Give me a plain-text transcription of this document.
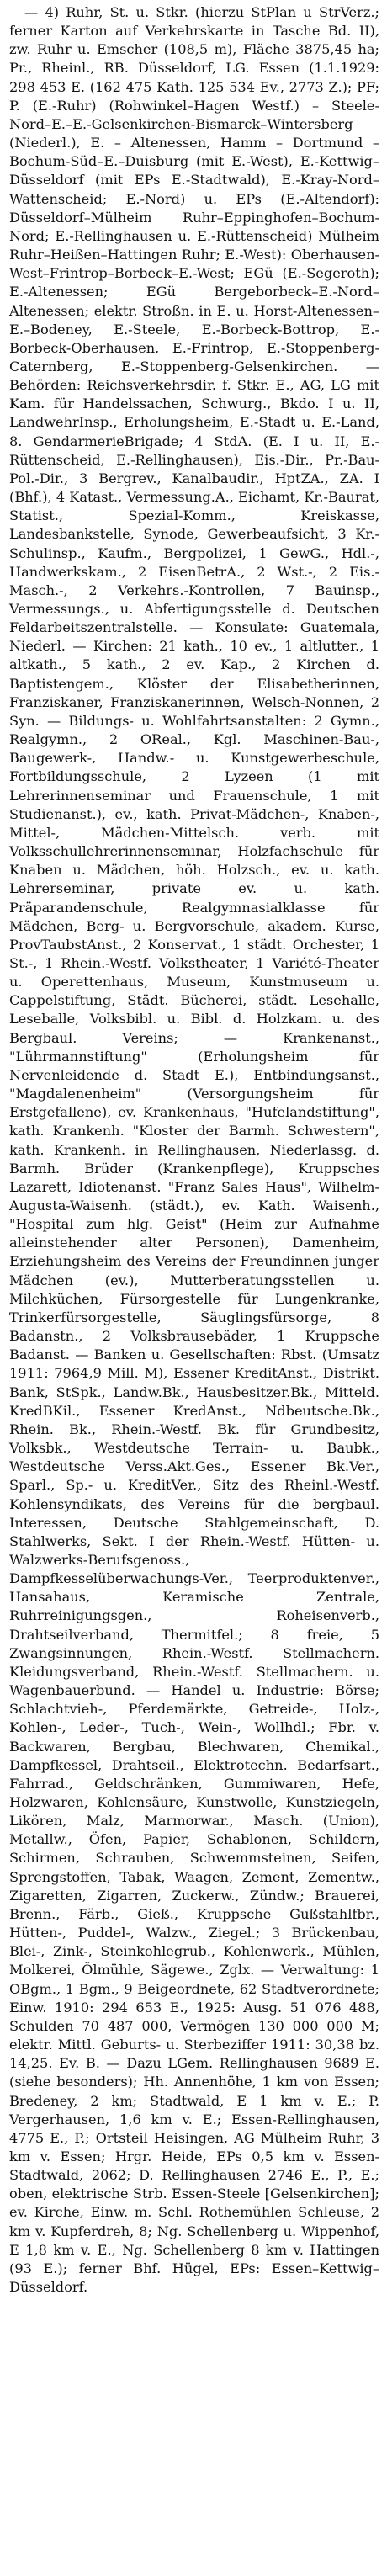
— 4) Ruhr, St. u. Stkr. (hierzu StPlan u StrVerz.; ferner Karton auf Verkehrskarte in Tasche Bd. II), zw. Ruhr u. Emscher (108,5 m), Fläche 3875,45 ha; Pr., Rheinl., RB. Düsseldorf, LG. Essen (1.1.1929: 298 453 E. (162 475 Kath. 125 534 Ev., 2773 Z.); PF; P. (E.-Ruhr) (Rohwinkel–Hagen Westf.) – Steele-Nord–E.–E.-Gelsenkirchen-Bismarck–Wintersberg (Niederl.), E. – Altenessen, Hamm – Dortmund – Bochum-Süd–E.–Duisburg (mit E.-West), E.-Kettwig–Düsseldorf (mit EPs E.-Stadtwald), E.-Kray-Nord–Wattenscheid; E.-Nord) u. EPs (E.-Altendorf): Düsseldorf–Mülheim Ruhr–Eppinghofen–Bochum-Nord; E.-Rellinghausen u. E.-Rüttenscheid) Mülheim Ruhr–Heißen–Hattingen Ruhr; E.-West): Oberhausen-West–Frintrop–Borbeck–E.-West; EGü (E.-Segeroth); E.-Altenessen; EGü Bergeborbeck–E.-Nord–Altenessen; elektr. Stroßn. in E. u. Horst-Altenessen–E.–Bodeney, E.-Steele, E.-Borbeck-Bottrop, E.-Borbeck-Oberhausen, E.-Frintrop, E.-Stoppenberg-Caternberg, E.-Stoppenberg-Gelsenkirchen. — Behörden: Reichsverkehrsdir. f. Stkr. E., AG, LG mit Kam. für Handelssachen, Schwurg., Bkdo. I u. II, LandwehrInsp., Erholungsheim, E.-Stadt u. E.-Land, 8. GendarmerieBrigade; 4 StdA. (E. I u. II, E.-Rüttenscheid, E.-Rellinghausen), Eis.-Dir., Pr.-Bau-Pol.-Dir., 3 Bergrev., Kanalbaudir., HptZA., ZA. I (Bhf.), 4 Katast., Vermessung.A., Eichamt, Kr.-Baurat, Statist., Spezial-Komm., Kreiskasse, Landesbankstelle, Synode, Gewerbeaufsicht, 3 Kr.-Schulinsp., Kaufm., Bergpolizei, 1 GewG., Hdl.-, Handwerkskam., 2 EisenBetrA., 2 Wst.-, 2 Eis.-Masch.-, 2 Verkehrs.-Kontrollen, 7 Bauinsp., Vermessungs., u. Abfertigungsstelle d. Deutschen Feldarbeitszentralstelle. — Konsulate: Guatemala, Niederl. — Kirchen: 21 kath., 10 ev., 1 altlutter., 1 altkath., 5 kath., 2 ev. Kap., 2 Kirchen d. Baptistengem., Klöster der Elisabetherinnen, Franziskaner, Franziskanerinnen, Welsch-Nonnen, 2 Syn. — Bildungs- u. Wohlfahrtsanstalten: 2 Gymn., Realgymn., 2 OReal., Kgl. Maschinen-Bau-, Baugewerk-, Handw.- u. Kunstgewerbeschule, Fortbildungsschule, 2 Lyzeen (1 mit Lehrerinnenseminar und Frauenschule, 1 mit Studienanst.), ev., kath. Privat-Mädchen-, Knaben-, Mittel-, Mädchen-Mittelsch. verb. mit Volksschullehrerinnenseminar, Holzfachschule für Knaben u. Mädchen, höh. Holzsch., ev. u. kath. Lehrerseminar, private ev. u. kath. Präparandenschule, Realgymnasialklasse für Mädchen, Berg- u. Bergvorschule, akadem. Kurse, ProvTaubstAnst., 2 Konservat., 1 städt. Orchester, 1 St.-, 1 Rhein.-Westf. Volkstheater, 1 Variété-Theater u. Operettenhaus, Museum, Kunstmuseum u. Cappelstiftung, Städt. Bücherei, städt. Lesehalle, Leseballe, Volksbibl. u. Bibl. d. Holzkam. u. des Bergbaul. Vereins; — Krankenanst., "Lührmannstiftung" (Erholungsheim für Nervenleidende d. Stadt E.), Entbindungsanst., "Magdalenenheim" (Versorgungsheim für Erstgefallene), ev. Krankenhaus, "Hufelandstiftung", kath. Krankenh. "Kloster der Barmh. Schwestern", kath. Krankenh. in Rellinghausen, Niederlassg. d. Barmh. Brüder (Krankenpflege), Kruppsches Lazarett, Idiotenanst. "Franz Sales Haus", Wilhelm-Augusta-Waisenh. (städt.), ev. Kath. Waisenh., "Hospital zum hlg. Geist" (Heim zur Aufnahme alleinstehender alter Personen), Damenheim, Erziehungsheim des Vereins der Freundinnen junger Mädchen (ev.), Mutterberatungsstellen u. Milchküchen, Fürsorgestelle für Lungenkranke, Trinkerfürsorgestelle, Säuglingsfürsorge, 8 Badanstn., 2 Volksbrausebäder, 1 Kruppsche Badanst. — Banken u. Gesellschaften: Rbst. (Umsatz 1911: 7964,9 Mill. M), Essener KreditAnst., Distrikt. Bank, StSpk., Landw.Bk., Hausbesitzer.Bk., Mitteld. KredBKil., Essener KredAnst., Ndbeutsche.Bk., Rhein. Bk., Rhein.-Westf. Bk. für Grundbesitz, Volksbk., Westdeutsche Terrain- u. Baubk., Westdeutsche Verss.Akt.Ges., Essener Bk.Ver., Sparl., Sp.- u. KreditVer., Sitz des Rheinl.-Westf. Kohlensyndikats, des Vereins für die bergbaul. Interessen, Deutsche Stahlgemeinschaft, D. Stahlwerks, Sekt. I der Rhein.-Westf. Hütten- u. Walzwerks-Berufsgenoss., Dampfkesselüberwachungs-Ver., Teerproduktenver., Hansahaus, Keramische Zentrale, Ruhrreinigungsgen., Roheisenverb., Drahtseilverband, Thermitfel.; 8 freie, 5 Zwangsinnungen, Rhein.-Westf. Stellmachern. Kleidungsverband, Rhein.-Westf. Stellmachern. u. Wagenbauerbund. — Handel u. Industrie: Börse; Schlachtvieh-, Pferdemärkte, Getreide-, Holz-, Kohlen-, Leder-, Tuch-, Wein-, Wollhdl.; Fbr. v. Backwaren, Bergbau, Blechwaren, Chemikal., Dampfkessel, Drahtseil., Elektrotechn. Bedarfsart., Fahrrad., Geldschränken, Gummiwaren, Hefe, Holzwaren, Kohlensäure, Kunstwolle, Kunstziegeln, Likören, Malz, Marmorwar., Masch. (Union), Metallw., Öfen, Papier, Schablonen, Schildern, Schirmen, Schrauben, Schwemmsteinen, Seifen, Sprengstoffen, Tabak, Waagen, Zement, Zementw., Zigaretten, Zigarren, Zuckerw., Zündw.; Brauerei, Brenn., Färb., Gieß., Kruppsche Gußstahlfbr., Hütten-, Puddel-, Walzw., Ziegel.; 3 Brückenbau, Blei-, Zink-, Steinkohlegrub., Kohlenwerk., Mühlen, Molkerei, Ölmühle, Sägewe., Zglx. — Verwaltung: 1 OBgm., 1 Bgm., 9 Beigeordnete, 62 Stadtverordnete; Einw. 1910: 294 653 E., 1925: Ausg. 51 076 488, Schulden 70 487 000, Vermögen 130 000 000 M; elektr. Mittl. Geburts- u. Sterbeziffer 1911: 30,38 bz. 14,25. Ev. B. — Dazu LGem. Rellinghausen 9689 E. (siehe besonders); Hh. Annenhöhe, 1 km von Essen; Bredeney, 2 km; Stadtwald, E 1 km v. E.; P. Vergerhausen, 1,6 km v. E.; Essen-Rellinghausen, 4775 E., P.; Ortsteil Heisingen, AG Mülheim Ruhr, 3 km v. Essen; Hrgr. Heide, EPs 0,5 km v. Essen-Stadtwald, 2062; D. Rellinghausen 2746 E., P., E.; oben, elektrische Strb. Essen-Steele [Gelsenkirchen]; ev. Kirche, Einw. m. Schl. Rothemühlen Schleuse, 2 km v. Kupferdreh, 8; Ng. Schellenberg u. Wippenhof, E 1,8 km v. E., Ng. Schellenberg 8 km v. Hattingen (93 E.); ferner Bhf. Hügel, EPs: Essen–Kettwig–Düsseldorf.
